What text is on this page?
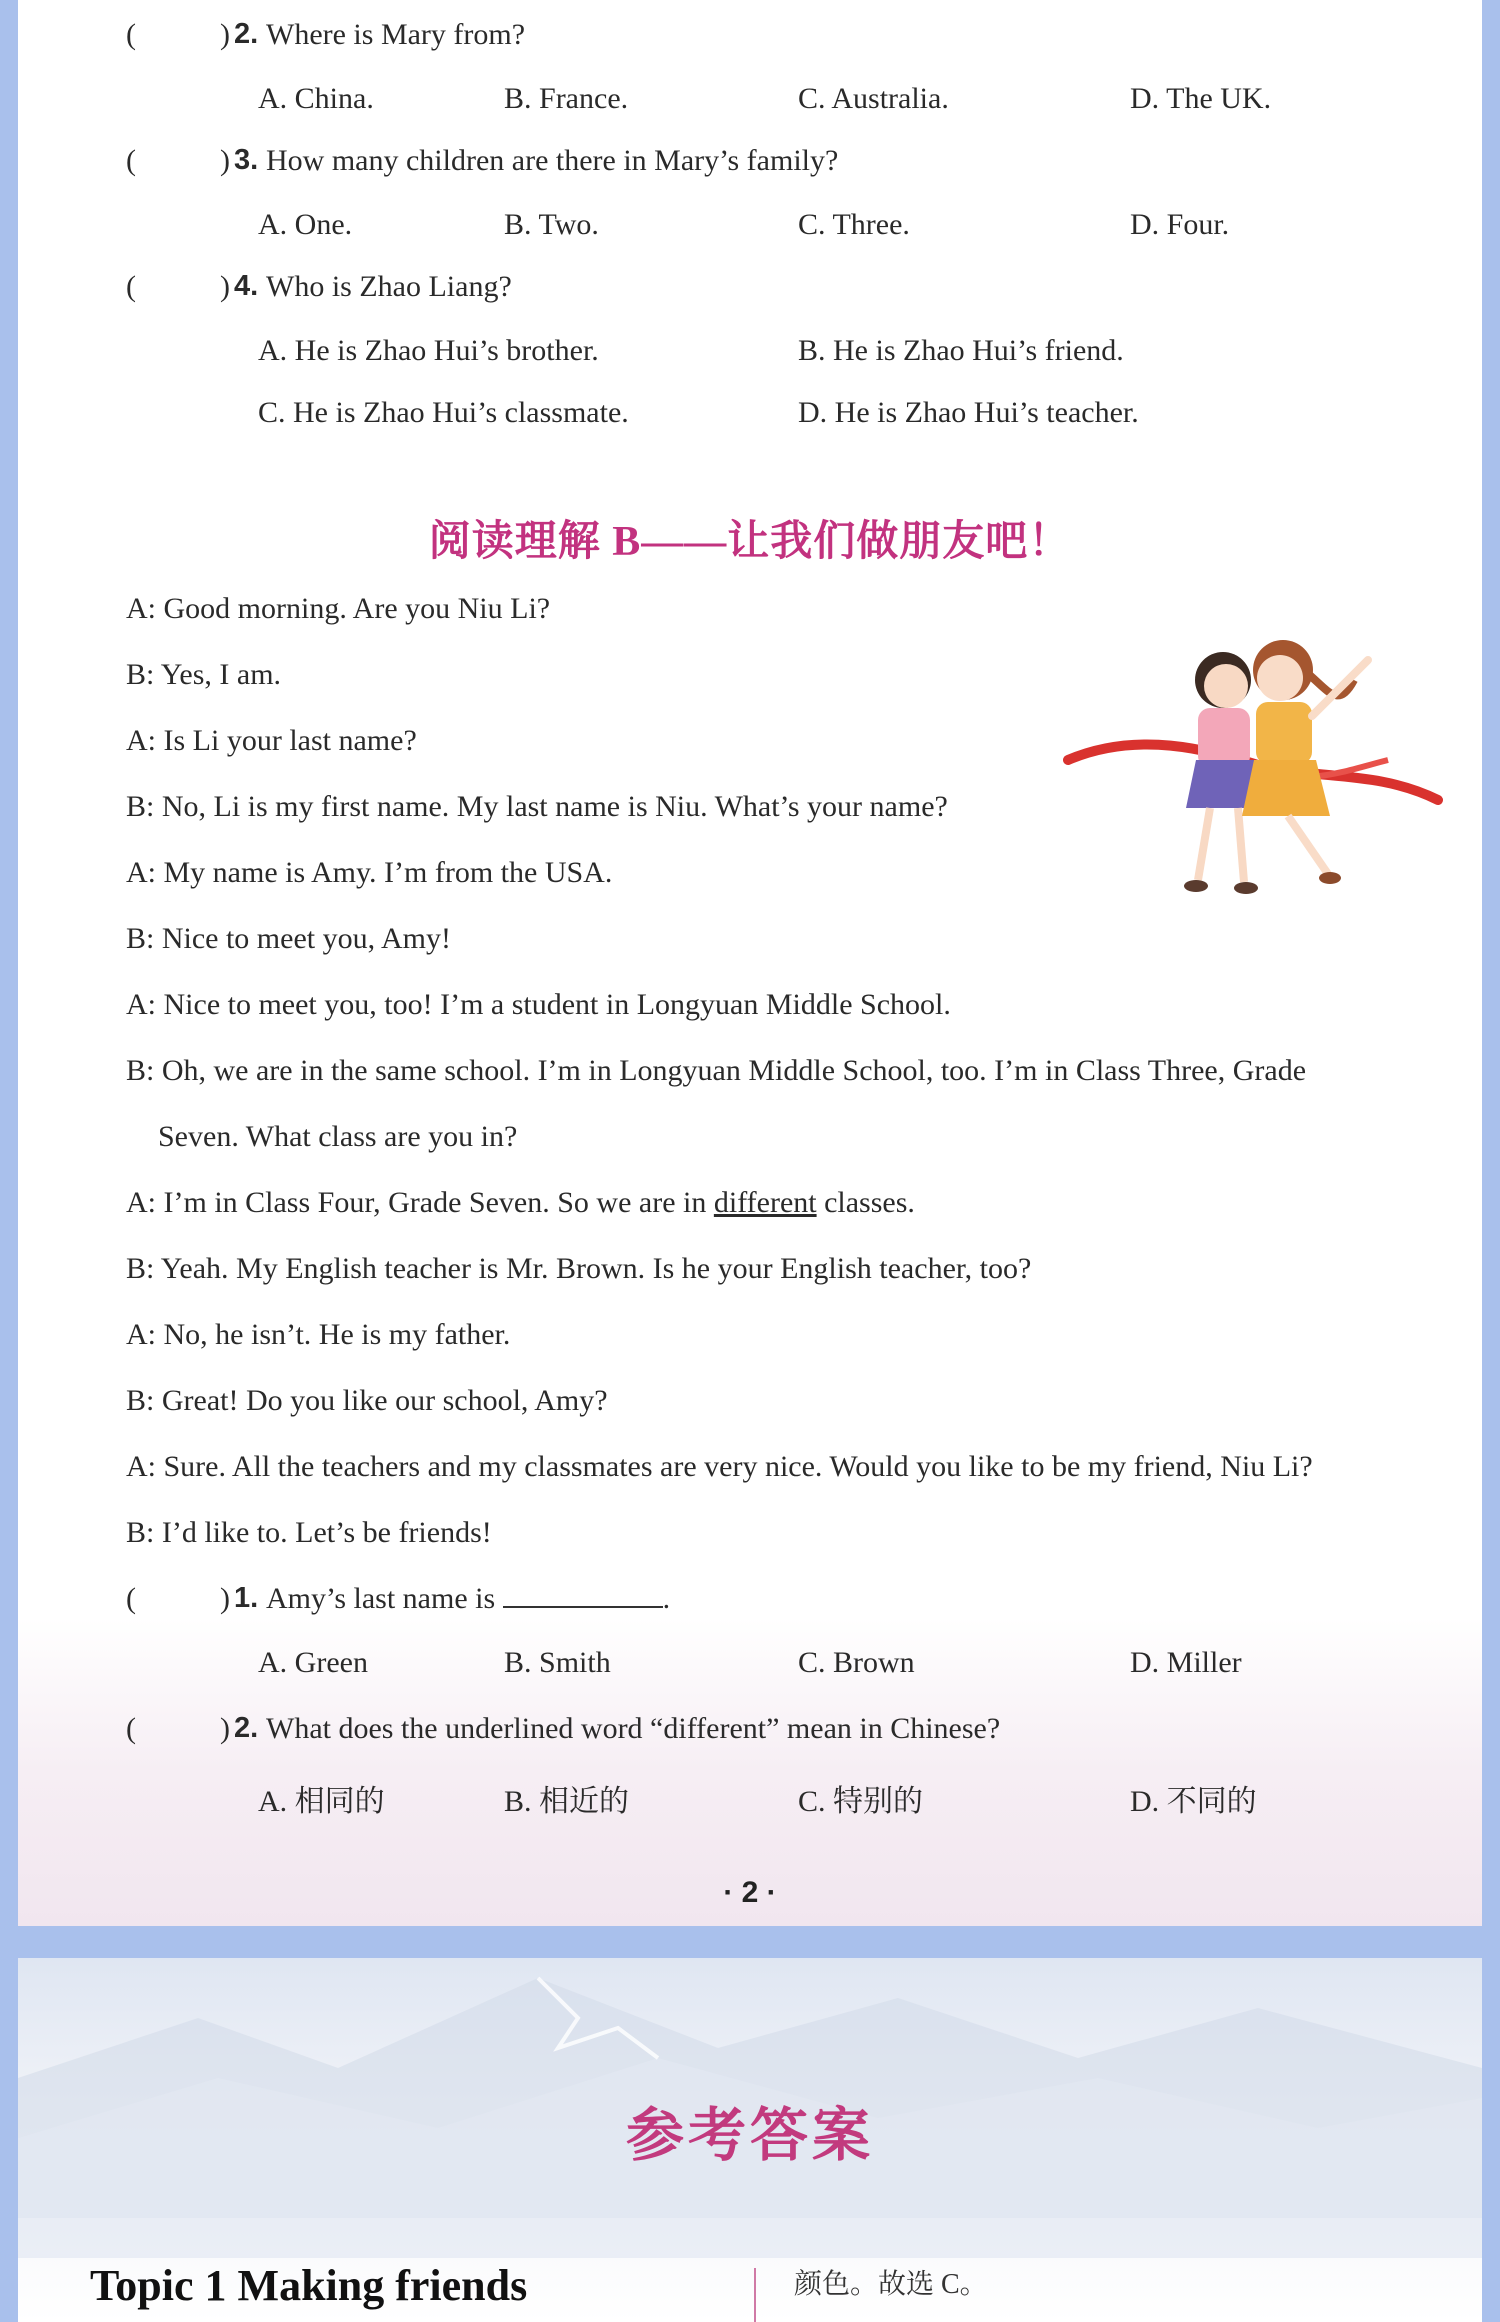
(	) 2. Where is Mary from?
A. China.	B. France.	C. Australia.	D. The UK.
(	) 3. How many children are there in Mary’s family?
A. One.	B. Two.	C. Three.	D. Four.
(	) 4. Who is Zhao Liang?
A. He is Zhao Hui’s brother.	B. He is Zhao Hui’s friend.
C. He is Zhao Hui’s classmate.	D. He is Zhao Hui’s teacher.
阅读理解 B——让我们做朋友吧！
A: Good morning. Are you Niu Li?
B: Yes, I am.
A: Is Li your last name?
B: No, Li is my first name. My last name is Niu. What’s your name?
A: My name is Amy. I’m from the USA.
B: Nice to meet you, Amy!
A: Nice to meet you, too! I’m a student in Longyuan Middle School.
B: Oh, we are in the same school. I’m in Longyuan Middle School, too. I’m in Class Three, Grade
Seven. What class are you in?
A: I’m in Class Four, Grade Seven. So we are in different classes.
B: Yeah. My English teacher is Mr. Brown. Is he your English teacher, too?
A: No, he isn’t. He is my father.
B: Great! Do you like our school, Amy?
A: Sure. All the teachers and my classmates are very nice. Would you like to be my friend, Niu Li?
B: I’d like to. Let’s be friends!
(	) 1. Amy’s last name is	.
A. Green	B. Smith	C. Brown	D. Miller
(	) 2. What does the underlined word “different” mean in Chinese?
A. 相同的	B. 相近的	C. 特别的	D. 不同的
· 2 ·
参考答案
Topic 1 Making friends	颜色。故选 C。
